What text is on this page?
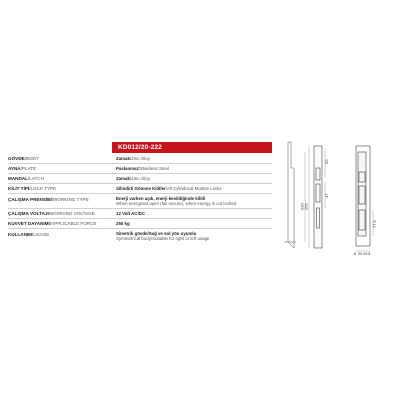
KD012/20-222
GÖVDE/BODY	Zamak/Zinc Alloy
AYNA/PLATE	Paslanmaz/Stainless Steel
MANDAL/LATCH	Zamak/Zinc Alloy
KİLİT TİPİ/LOCK TYPE	Silindirli Gömme Kilitler/All Cylindrical Mortise Locks
ÇALIŞMA PRENSİBİ/WORKING TYPE	Enerji varken açık, enerji kesildiğinde kilitli
When energized open (fail secure), when energy is cut locked
ÇALIŞMA VOLTAJI/WORKING VOLTAGE	12 Volt AC/DC
KUVVET DAYANIMI/APPLICABLE FORCE	250 kg
KULLANIM/USAGE	Simetrik gövde/Sağ ve sol yön uyumlu
Symmetrical body/Suitable for right or left usage
50
47
256
230
77.5
8 25 19 3
